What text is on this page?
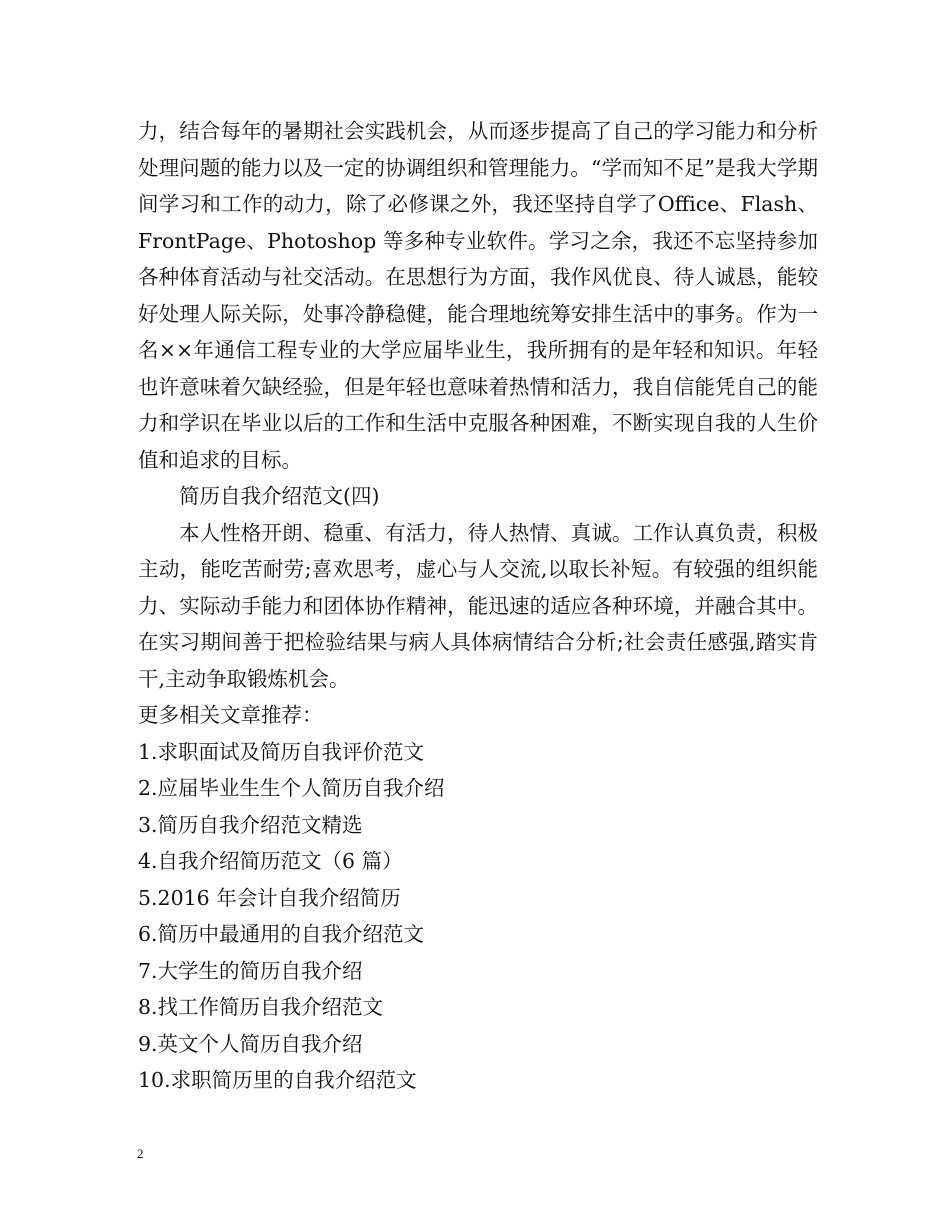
力，结合每年的暑期社会实践机会，从而逐步提高了自己的学习能力和分析处理问题的能力以及一定的协调组织和管理能力。“学而知不足”是我大学期间学习和工作的动力，除了必修课之外，我还坚持自学了Office、Flash、FrontPage、Photoshop 等多种专业软件。学习之余，我还不忘坚持参加各种体育活动与社交活动。在思想行为方面，我作风优良、待人诚恳，能较好处理人际关际，处事冷静稳健，能合理地统筹安排生活中的事务。作为一名××年通信工程专业的大学应届毕业生，我所拥有的是年轻和知识。年轻也许意味着欠缺经验，但是年轻也意味着热情和活力，我自信能凭自己的能力和学识在毕业以后的工作和生活中克服各种困难，不断实现自我的人生价值和追求的目标。

简历自我介绍范文(四)

本人性格开朗、稳重、有活力，待人热情、真诚。工作认真负责，积极主动，能吃苦耐劳;喜欢思考，虚心与人交流,以取长补短。有较强的组织能力、实际动手能力和团体协作精神，能迅速的适应各种环境，并融合其中。在实习期间善于把检验结果与病人具体病情结合分析;社会责任感强,踏实肯干,主动争取锻炼机会。

更多相关文章推荐：

1.求职面试及简历自我评价范文
2.应届毕业生生个人简历自我介绍
3.简历自我介绍范文精选
4.自我介绍简历范文（6 篇）
5.2016 年会计自我介绍简历
6.简历中最通用的自我介绍范文
7.大学生的简历自我介绍
8.找工作简历自我介绍范文
9.英文个人简历自我介绍
10.求职简历里的自我介绍范文
2
